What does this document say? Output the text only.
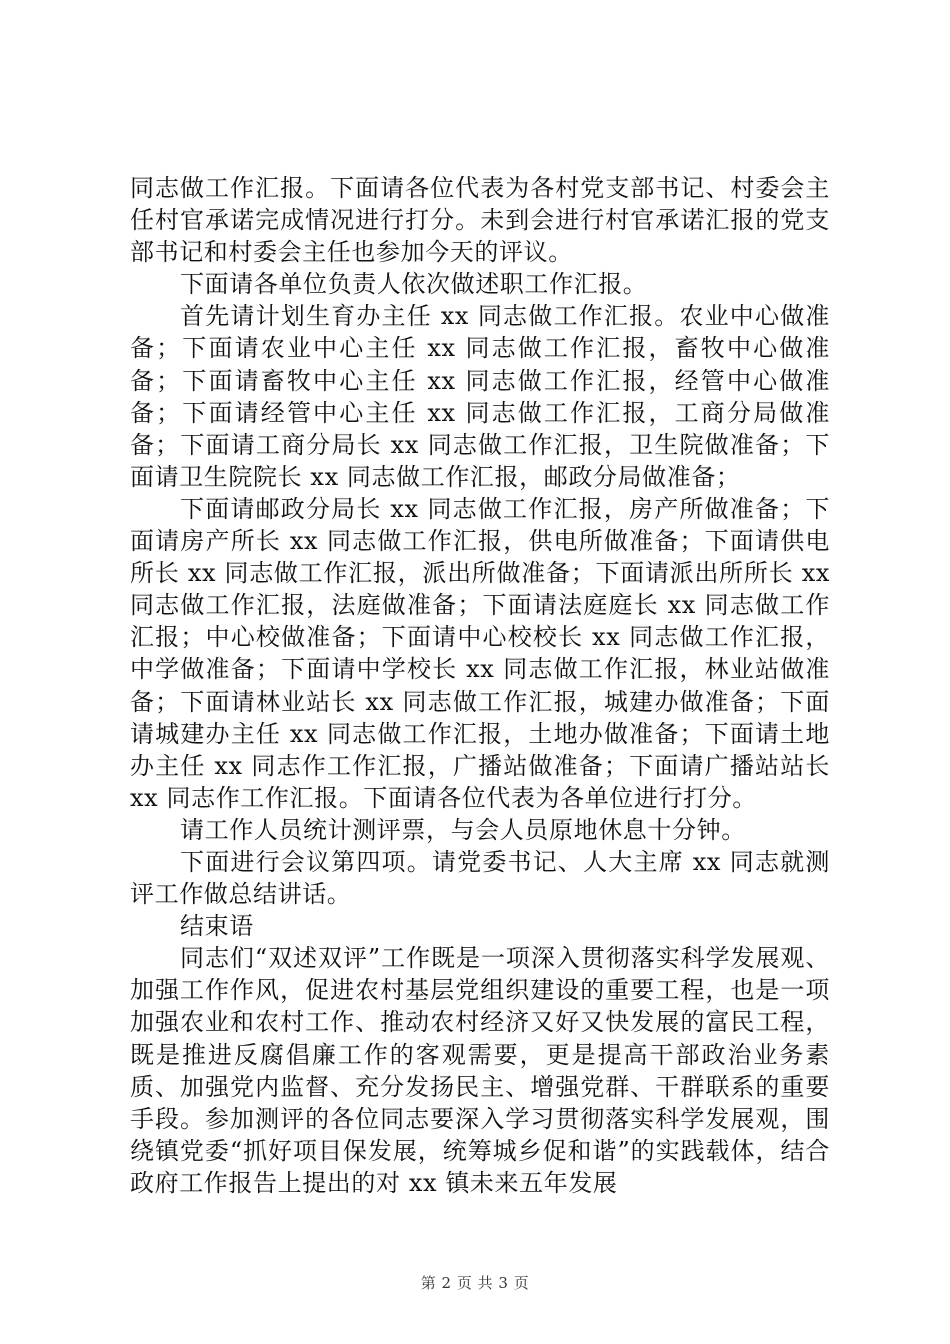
同志做工作汇报。下面请各位代表为各村党支部书记、村委会主任村官承诺完成情况进行打分。未到会进行村官承诺汇报的党支部书记和村委会主任也参加今天的评议。

下面请各单位负责人依次做述职工作汇报。

首先请计划生育办主任 xx 同志做工作汇报。农业中心做准备；下面请农业中心主任 xx 同志做工作汇报，畜牧中心做准备；下面请畜牧中心主任 xx 同志做工作汇报，经管中心做准备；下面请经管中心主任 xx 同志做工作汇报，工商分局做准备；下面请工商分局长 xx 同志做工作汇报，卫生院做准备；下面请卫生院院长 xx 同志做工作汇报，邮政分局做准备；

下面请邮政分局长 xx 同志做工作汇报，房产所做准备；下面请房产所长 xx 同志做工作汇报，供电所做准备；下面请供电所长 xx 同志做工作汇报，派出所做准备；下面请派出所所长 xx 同志做工作汇报，法庭做准备；下面请法庭庭长 xx 同志做工作汇报；中心校做准备；下面请中心校校长 xx 同志做工作汇报，中学做准备；下面请中学校长 xx 同志做工作汇报，林业站做准备；下面请林业站长 xx 同志做工作汇报，城建办做准备；下面请城建办主任 xx 同志做工作汇报，土地办做准备；下面请土地办主任 xx 同志作工作汇报，广播站做准备；下面请广播站站长 xx 同志作工作汇报。下面请各位代表为各单位进行打分。

请工作人员统计测评票，与会人员原地休息十分钟。

下面进行会议第四项。请党委书记、人大主席 xx 同志就测评工作做总结讲话。

结束语

同志们“双述双评”工作既是一项深入贯彻落实科学发展观、加强工作作风，促进农村基层党组织建设的重要工程，也是一项加强农业和农村工作、推动农村经济又好又快发展的富民工程，既是推进反腐倡廉工作的客观需要，更是提高干部政治业务素质、加强党内监督、充分发扬民主、增强党群、干群联系的重要手段。参加测评的各位同志要深入学习贯彻落实科学发展观，围绕镇党委“抓好项目保发展，统筹城乡促和谐”的实践载体，结合政府工作报告上提出的对 xx 镇未来五年发展

第 2 页 共 3 页
